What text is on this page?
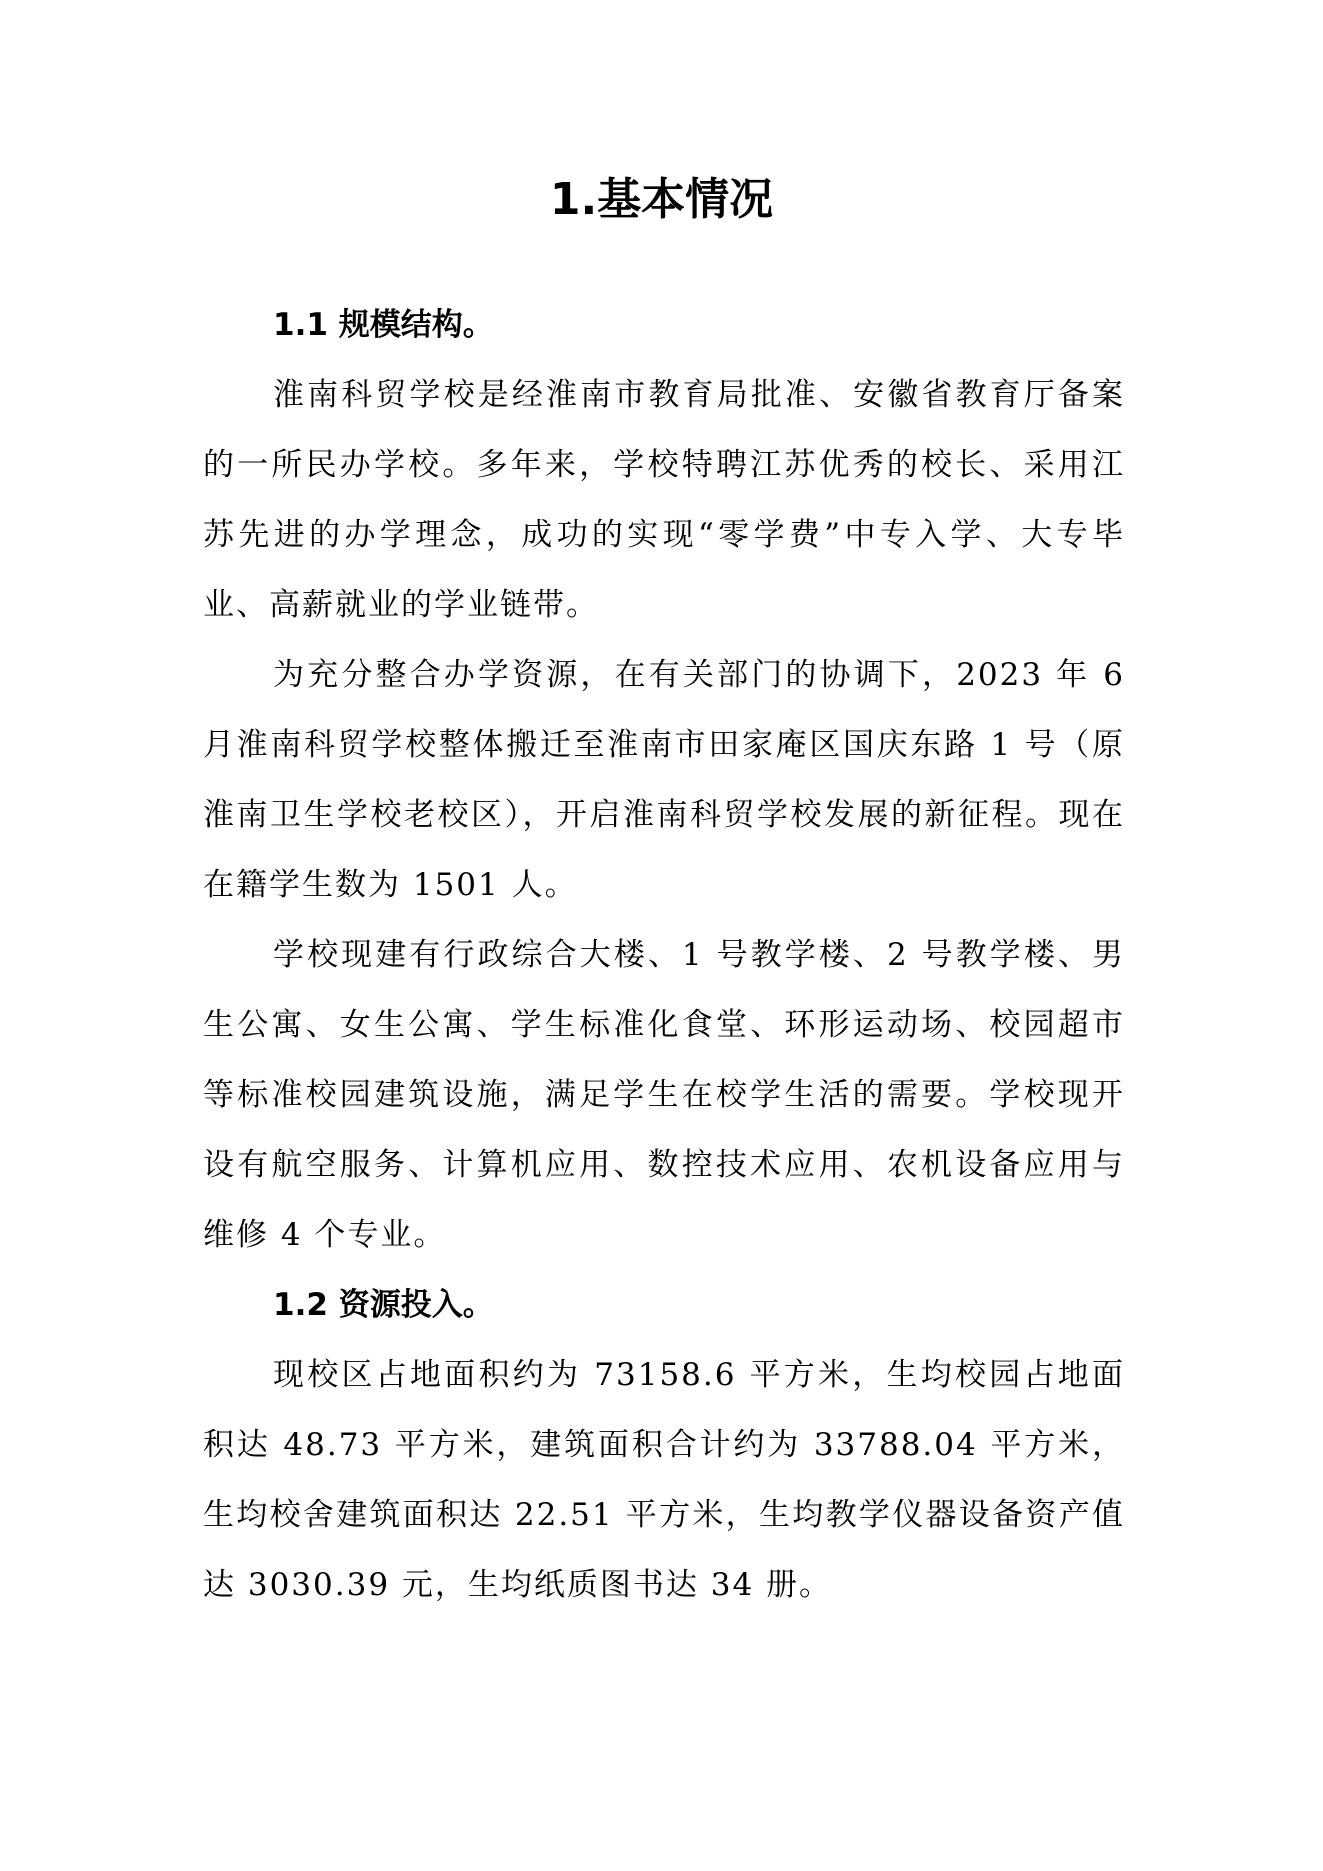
1.基本情况
1.1 规模结构。

淮南科贸学校是经淮南市教育局批准、安徽省教育厅备案的一所民办学校。多年来，学校特聘江苏优秀的校长、采用江苏先进的办学理念，成功的实现“零学费”中专入学、大专毕业、高薪就业的学业链带。

为充分整合办学资源，在有关部门的协调下，2023 年 6 月淮南科贸学校整体搬迁至淮南市田家庵区国庆东路 1 号（原淮南卫生学校老校区），开启淮南科贸学校发展的新征程。现在在籍学生数为 1501 人。

学校现建有行政综合大楼、1 号教学楼、2 号教学楼、男生公寓、女生公寓、学生标准化食堂、环形运动场、校园超市等标准校园建筑设施，满足学生在校学生活的需要。学校现开设有航空服务、计算机应用、数控技术应用、农机设备应用与维修 4 个专业。

1.2 资源投入。

现校区占地面积约为 73158.6 平方米，生均校园占地面积达 48.73 平方米，建筑面积合计约为 33788.04 平方米，生均校舍建筑面积达 22.51 平方米，生均教学仪器设备资产值达 3030.39 元，生均纸质图书达 34 册。
